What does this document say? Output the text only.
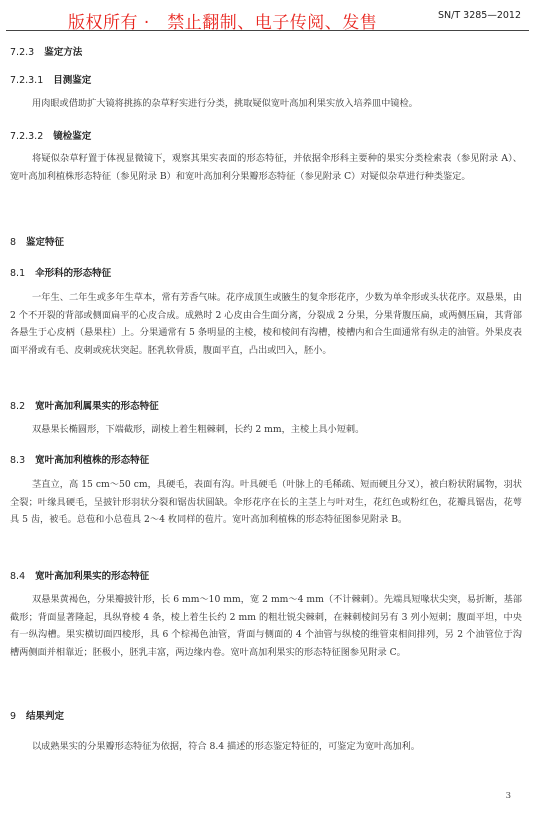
版权所有 ·　禁止翻制、电子传阅、发售	SN/T 3285—2012
7.2.3 鉴定方法
7.2.3.1 目测鉴定
用肉眼或借助扩大镜将挑拣的杂草籽实进行分类，挑取疑似宽叶高加利果实放入培养皿中镜检。
7.2.3.2 镜检鉴定
将疑似杂草籽置于体视显微镜下，观察其果实表面的形态特征，并依据伞形科主要种的果实分类检索表（参见附录 A）、宽叶高加利植株形态特征（参见附录 B）和宽叶高加利分果瓣形态特征（参见附录 C）对疑似杂草进行种类鉴定。
8 鉴定特征
8.1 伞形科的形态特征
一年生、二年生或多年生草本，常有芳香气味。花序成顶生或腋生的复伞形花序，少数为单伞形或头状花序。双悬果，由 2 个不开裂的背部或侧面扁平的心皮合成。成熟时 2 心皮由合生面分离，分裂成 2 分果，分果背腹压扁，或两侧压扁，其背部各悬生于心皮柄（悬果柱）上。分果通常有 5 条明显的主棱，棱和棱间有沟槽，棱槽内和合生面通常有纵走的油管。外果皮表面平滑或有毛、皮刺或疣状突起。胚乳软骨质，腹面平直，凸出或凹入，胚小。
8.2 宽叶高加利属果实的形态特征
双悬果长椭圆形，下端截形，副棱上着生粗棘刺，长约 2 mm，主棱上具小短刺。
8.3 宽叶高加利植株的形态特征
茎直立，高 15 cm～50 cm，具硬毛，表面有沟。叶具硬毛（叶脉上的毛稀疏、短而硬且分叉），被白粉状附属物，羽状全裂；叶缘具硬毛，呈披针形羽状分裂和锯齿状圆缺。伞形花序在长的主茎上与叶对生，花红色或粉红色，花瓣具锯齿，花萼具 5 齿，被毛。总苞和小总苞具 2～4 枚同样的苞片。宽叶高加利植株的形态特征图参见附录 B。
8.4 宽叶高加利果实的形态特征
双悬果黄褐色，分果瓣披针形，长 6 mm～10 mm，宽 2 mm～4 mm（不计棘刺）。先端具短喙状尖突，易折断，基部截形；背面显著隆起，具纵脊棱 4 条，棱上着生长约 2 mm 的粗壮锐尖棘刺，在棘刺棱间另有 3 列小短刺；腹面平坦，中央有一纵沟槽。果实横切面四棱形，具 6 个棕褐色油管，背面与侧面的 4 个油管与纵棱的维管束相间排列，另 2 个油管位于沟槽两侧面并相靠近；胚极小，胚乳丰富，两边缘内卷。宽叶高加利果实的形态特征图参见附录 C。
9 结果判定
以成熟果实的分果瓣形态特征为依据，符合 8.4 描述的形态鉴定特征的，可鉴定为宽叶高加利。
3
